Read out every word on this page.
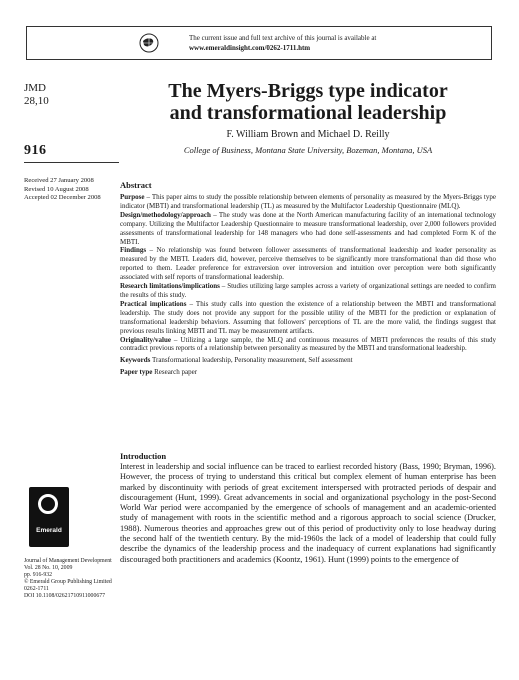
The current issue and full text archive of this journal is available at
www.emeraldinsight.com/0262-1711.htm
JMD
28,10
916
Received 27 January 2008
Revised 10 August 2008
Accepted 02 December 2008
Emerald
Journal of Management Development
Vol. 28 No. 10, 2009
pp. 916-932
© Emerald Group Publishing Limited
0262-1711
DOI 10.1108/02621710911000677
The Myers-Briggs type indicator
and transformational leadership
F. William Brown and Michael D. Reilly
College of Business, Montana State University, Bozeman, Montana, USA
Abstract

Purpose – This paper aims to study the possible relationship between elements of personality as measured by the Myers-Briggs type indicator (MBTI) and transformational leadership (TL) as measured by the Multifactor Leadership Questionnaire (MLQ).

Design/methodology/approach – The study was done at the North American manufacturing facility of an international technology company. Utilizing the Multifactor Leadership Questionnaire to measure transformational leadership, over 2,000 followers provided assessments of transformational leadership for 148 managers who had done self-assessments and had completed Form K of the MBTI.

Findings – No relationship was found between follower assessments of transformational leadership and leader personality as measured by the MBTI. Leaders did, however, perceive themselves to be significantly more transformational than did those who reported to them. Leader preference for extraversion over introversion and intuition over perception were both significantly associated with self reports of transformational leadership.

Research limitations/implications – Studies utilizing large samples across a variety of organizational settings are needed to confirm the results of this study.

Practical implications – This study calls into question the existence of a relationship between the MBTI and transformational leadership. The study does not provide any support for the possible utility of the MBTI for the prediction or explanation of transformational leadership behaviors. Assuming that followers' perceptions of TL are the more valid, the findings suggest that previous results linking MBTI and TL may be measurement artifacts.

Originality/value – Utilizing a large sample, the MLQ and continuous measures of MBTI preferences the results of this study contradict previous reports of a relationship between personality as measured by the MBTI and transformational leadership.

Keywords Transformational leadership, Personality measurement, Self assessment

Paper type Research paper

Introduction

Interest in leadership and social influence can be traced to earliest recorded history (Bass, 1990; Bryman, 1996). However, the process of trying to understand this critical but complex element of human enterprise has been marked by discontinuity with periods of great excitement interspersed with protracted periods of despair and discouragement (Hunt, 1999). Great advancements in social and organizational psychology in the post-Second World War period were accompanied by the emergence of schools of management and an academic-oriented study of management with roots in the scientific method and a rigorous approach to social science (Drucker, 1988). Numerous theories and approaches grew out of this period of productivity only to lose headway during the second half of the twentieth century. By the mid-1960s the lack of a model of leadership that could fully describe the dynamics of the leadership process and the inadequacy of current explanations had significantly discouraged both practitioners and academics (Koontz, 1961). Hunt (1999) points to the emergence of
